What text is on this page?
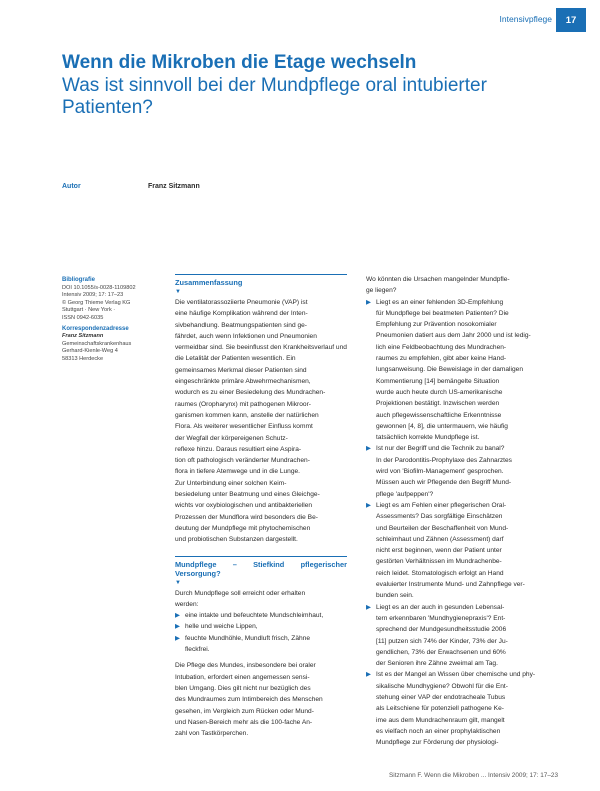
Intensivpflege	17
Wenn die Mikroben die Etage wechseln
Was ist sinnvoll bei der Mundpflege oral intubierter Patienten?
Autor	Franz Sitzmann
Bibliografie
DOI 10.1055/s-0028-1109802
Intensiv 2009; 17: 17–23
© Georg Thieme Verlag KG
Stuttgart · New York ·
ISSN 0942-6035
Korrespondenzadresse
Franz Sitzmann
Gemeinschaftskrankenhaus
Gerhard-Kienle-Weg 4
58313 Herdecke
Zusammenfassung
▼
Die ventilatorassoziierte Pneumonie (VAP) ist
eine häufige Komplikation während der Inten-
sivbehandlung. Beatmungspatienten sind ge-
fährdet, auch wenn Infektionen und Pneumonien
vermeidbar sind. Sie beeinflusst den Krankheitsverlauf und
die Letalität der Patienten wesentlich. Ein
gemeinsames Merkmal dieser Patienten sind
eingeschränkte primäre Abwehrmechanismen,
wodurch es zu einer Besiedelung des Mundrachen-
raumes (Oropharynx) mit pathogenen Mikroor-
ganismen kommen kann, anstelle der natürlichen
Flora. Als weiterer wesentlicher Einfluss kommt
der Wegfall der körpereigenen Schutz-
reflexe hinzu. Daraus resultiert eine Aspira-
tion oft pathologisch veränderter Mundrachen-
flora in tiefere Atemwege und in die Lunge.
Zur Unterbindung einer solchen Keim-
besiedelung unter Beatmung und eines Gleichge-
wichts vor oxybiologischen und antibakteriellen
Prozessen der Mundflora wird besonders die Be-
deutung der Mundpflege mit phytochemischen
und probiotischen Substanzen dargestellt.
Mundpflege – Stiefkind pflegerischer Versorgung?
▼
Durch Mundpflege soll erreicht oder erhalten
werden:
▶ eine intakte und befeuchtete Mundschleimhaut,
▶ helle und weiche Lippen,
▶ feuchte Mundhöhle, Mundluft frisch, Zähne
fleckfrei.
Die Pflege des Mundes, insbesondere bei oraler
Intubation, erfordert einen angemessen sensi-
blen Umgang. Dies gilt nicht nur bezüglich des
des Mundraumes zum Intimbereich des Menschen
gesehen, im Vergleich zum Rücken oder Mund-
und Nasen-Bereich mehr als die 100-fache An-
zahl von Tastkörperchen.
Wo könnten die Ursachen mangelnder Mundpfle-
ge liegen?
▶ Liegt es an einer fehlenden 3D-Empfehlung
für Mundpflege bei beatmeten Patienten? Die
Empfehlung zur Prävention nosokomialer
Pneumonien datiert aus dem Jahr 2000 und ist ledig-
lich eine Feldbeobachtung des Mundrachen-
raumes zu empfehlen, gibt aber keine Hand-
lungsanweisung. Die Beweislage in der damaligen
Kommentierung [14] bemängelte Situation
wurde auch heute durch US-amerikanische
Projektionen bestätigt. Inzwischen werden
auch pflegewissenschaftliche Erkenntnisse
gewonnen [4, 8], die untermauern, wie häufig
tatsächlich korrekte Mundpflege ist.
▶ Ist nur der Begriff und die Technik zu banal?
In der Parodontitis-Prophylaxe des Zahnarztes
wird von 'Biofilm-Management' gesprochen.
Müssen auch wir Pflegende den Begriff Mund-
pflege 'aufpeppen'?
▶ Liegt es am Fehlen einer pflegerischen Oral-
Assessments? Das sorgfältige Einschätzen
und Beurteilen der Beschaffenheit von Mund-
schleimhaut und Zähnen (Assessment) darf
nicht erst beginnen, wenn der Patient unter
gestörten Verhältnissen im Mundrachenbe-
reich leidet. Stomatologisch erfolgt an Hand
evaluierter Instrumente Mund- und Zahnpflege ver-
bunden sein.
▶ Liegt es an der auch in gesunden Lebensal-
tern erkennbaren 'Mundhygienepraxis'? Ent-
sprechend der Mundgesundheitsstudie 2006
[11] putzen sich 74% der Kinder, 73% der Ju-
gendlichen, 73% der Erwachsenen und 60%
der Senioren ihre Zähne zweimal am Tag.
▶ Ist es der Mangel an Wissen über chemische und phy-
sikalische Mundhygiene? Obwohl für die Ent-
stehung einer VAP der endotracheale Tubus
als Leitschiene für potenziell pathogene Ke-
ime aus dem Mundrachenraum gilt, mangelt
es vielfach noch an einer prophylaktischen
Mundpflege zur Förderung der physiologi-
Sitzmann F. Wenn die Mikroben ... Intensiv 2009; 17: 17–23
